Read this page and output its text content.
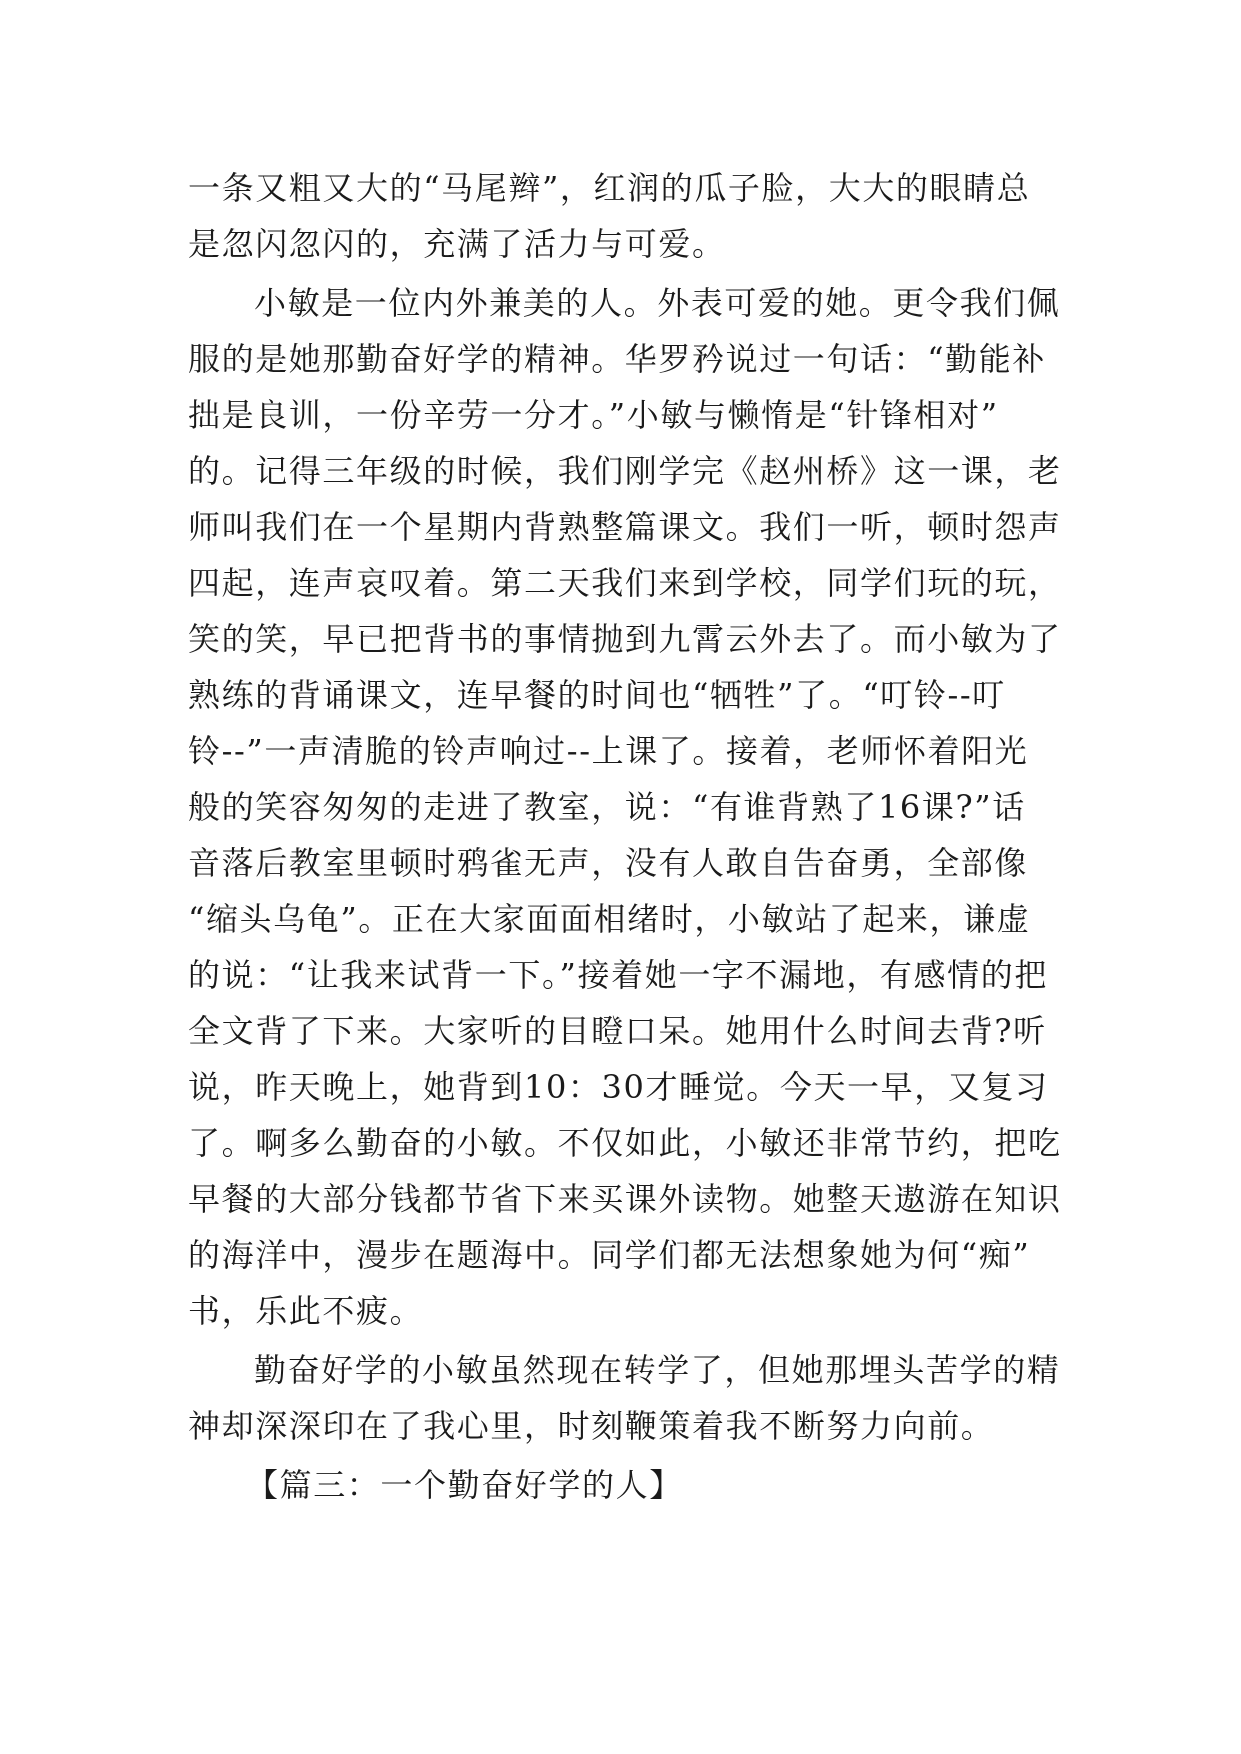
一条又粗又大的“马尾辫”，红润的瓜子脸，大大的眼睛总
是忽闪忽闪的，充满了活力与可爱。

小敏是一位内外兼美的人。外表可爱的她。更令我们佩
服的是她那勤奋好学的精神。华罗矜说过一句话：“勤能补
拙是良训，一份辛劳一分才。”小敏与懒惰是“针锋相对”
的。记得三年级的时候，我们刚学完《赵州桥》这一课，老
师叫我们在一个星期内背熟整篇课文。我们一听，顿时怨声
四起，连声哀叹着。第二天我们来到学校，同学们玩的玩，
笑的笑，早已把背书的事情抛到九霄云外去了。而小敏为了
熟练的背诵课文，连早餐的时间也“牺牲”了。“叮铃--叮
铃--”一声清脆的铃声响过--上课了。接着，老师怀着阳光
般的笑容匆匆的走进了教室，说：“有谁背熟了16课?”话
音落后教室里顿时鸦雀无声，没有人敢自告奋勇，全部像
“缩头乌龟”。正在大家面面相绪时，小敏站了起来，谦虚
的说：“让我来试背一下。”接着她一字不漏地，有感情的把
全文背了下来。大家听的目瞪口呆。她用什么时间去背?听
说，昨天晚上，她背到10：30才睡觉。今天一早，又复习
了。啊多么勤奋的小敏。不仅如此，小敏还非常节约，把吃
早餐的大部分钱都节省下来买课外读物。她整天遨游在知识
的海洋中，漫步在题海中。同学们都无法想象她为何“痴”
书，乐此不疲。

勤奋好学的小敏虽然现在转学了，但她那埋头苦学的精
神却深深印在了我心里，时刻鞭策着我不断努力向前。

【篇三：一个勤奋好学的人】
